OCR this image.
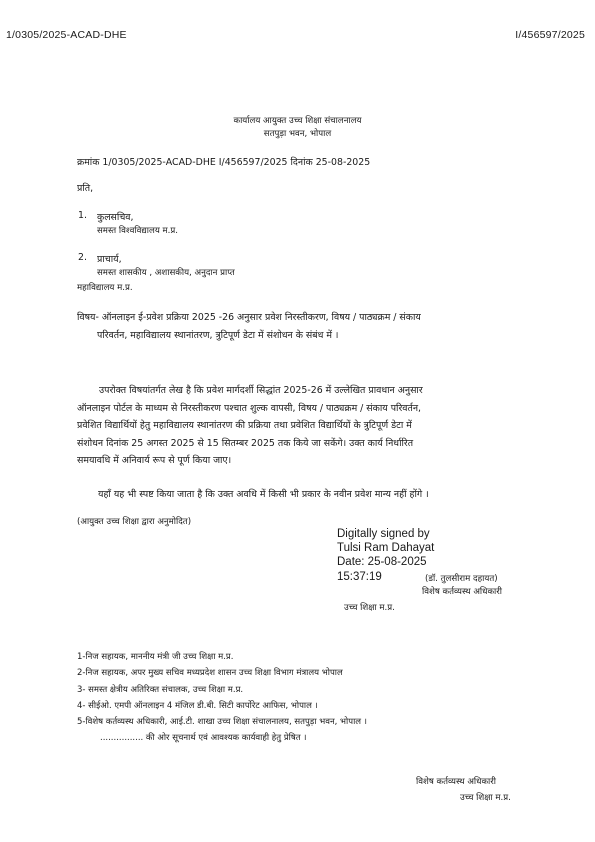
1/0305/2025-ACAD-DHE	I/456597/2025
कार्यालय आयुक्त उच्च शिक्षा संचालनालय
सतपुड़ा भवन, भोपाल
क्रमांक 1/0305/2025-ACAD-DHE I/456597/2025 दिनांक 25-08-2025
प्रति,
1. कुलसचिव,
समस्त विश्वविद्यालय म.प्र.
2. प्राचार्य,
समस्त शासकीय , अशासकीय, अनुदान प्राप्त
महाविद्यालय म.प्र.
विषय- ऑनलाइन ई-प्रवेश प्रक्रिया 2025 -26 अनुसार प्रवेश निरस्तीकरण, विषय / पाठ्यक्रम / संकाय
परिवर्तन, महाविद्यालय स्थानांतरण, त्रुटिपूर्ण डेटा में संशोधन के संबंध में ।
उपरोक्त विषयांतर्गत लेख है कि प्रवेश मार्गदर्शी सिद्धांत 2025-26 में उल्लेखित प्रावधान अनुसार
ऑनलाइन पोर्टल के माध्यम से निरस्तीकरण पश्चात शुल्क वापसी, विषय / पाठ्यक्रम / संकाय परिवर्तन,
प्रवेशित विद्यार्थियों हेतु महाविद्यालय स्थानांतरण की प्रक्रिया तथा प्रवेशित विद्यार्थियों के त्रुटिपूर्ण डेटा में
संशोधन दिनांक 25 अगस्त 2025 से 15 सितम्बर 2025 तक किये जा सकेंगे। उक्त कार्य निर्धारित
समयावधि में अनिवार्य रूप से पूर्ण किया जाए।
यहाँ यह भी स्पष्ट किया जाता है कि उक्त अवधि में किसी भी प्रकार के नवीन प्रवेश मान्य नहीं होंगे ।
(आयुक्त उच्च शिक्षा द्वारा अनुमोदित)
Digitally signed by
Tulsi Ram Dahayat
Date: 25-08-2025
15:37:19	(डॉ. तुलसीराम दहायत)
विशेष कर्तव्यस्थ अधिकारी
उच्च शिक्षा म.प्र.
1-निज सहायक, माननीय मंत्री जी उच्च शिक्षा म.प्र.
2-निज सहायक, अपर मुख्य सचिव मध्यप्रदेश शासन उच्च शिक्षा विभाग मंत्रालय भोपाल
3- समस्त क्षेत्रीय अतिरिक्त संचालक, उच्च शिक्षा म.प्र.
4- सीईओ. एमपी ऑनलाइन 4 मंजिल डी.बी. सिटी कार्पोरेट आफिस, भोपाल ।
5-विशेष कर्तव्यस्थ अधिकारी, आई.टी. शाखा उच्च शिक्षा संचालनालय, सतपुड़ा भवन, भोपाल ।
................ की ओर सूचनार्थ एवं आवश्यक कार्यवाही हेतु प्रेषित ।
विशेष कर्तव्यस्थ अधिकारी
उच्च शिक्षा म.प्र.
